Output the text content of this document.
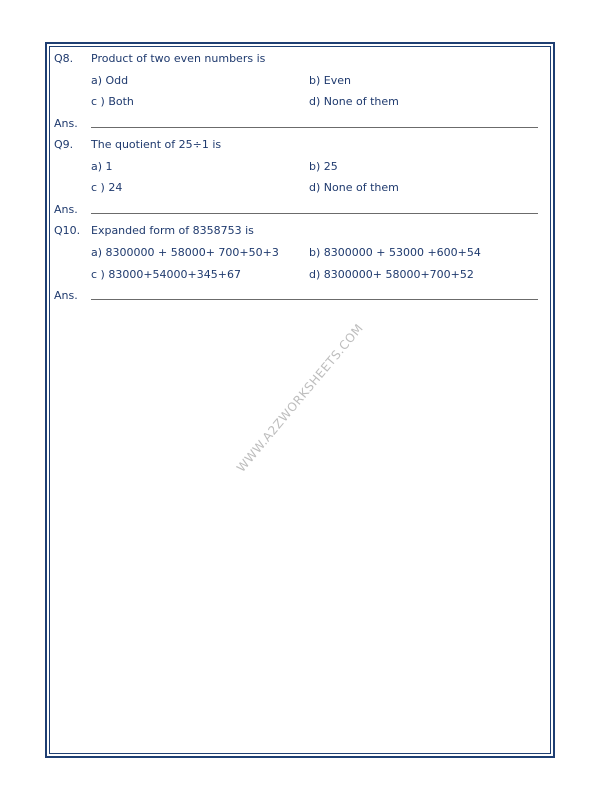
Q8. Product of two even numbers is
a) Odd	b) Even
c ) Both	d) None of them
Ans.
Q9. The quotient of 25÷1 is
a) 1	b) 25
c ) 24	d) None of them
Ans.
Q10. Expanded form of 8358753 is
a) 8300000 + 58000+ 700+50+3	b) 8300000 + 53000 +600+54
c ) 83000+54000+345+67	d) 8300000+ 58000+700+52
Ans.
WWW.A2ZWORKSHEETS.COM
